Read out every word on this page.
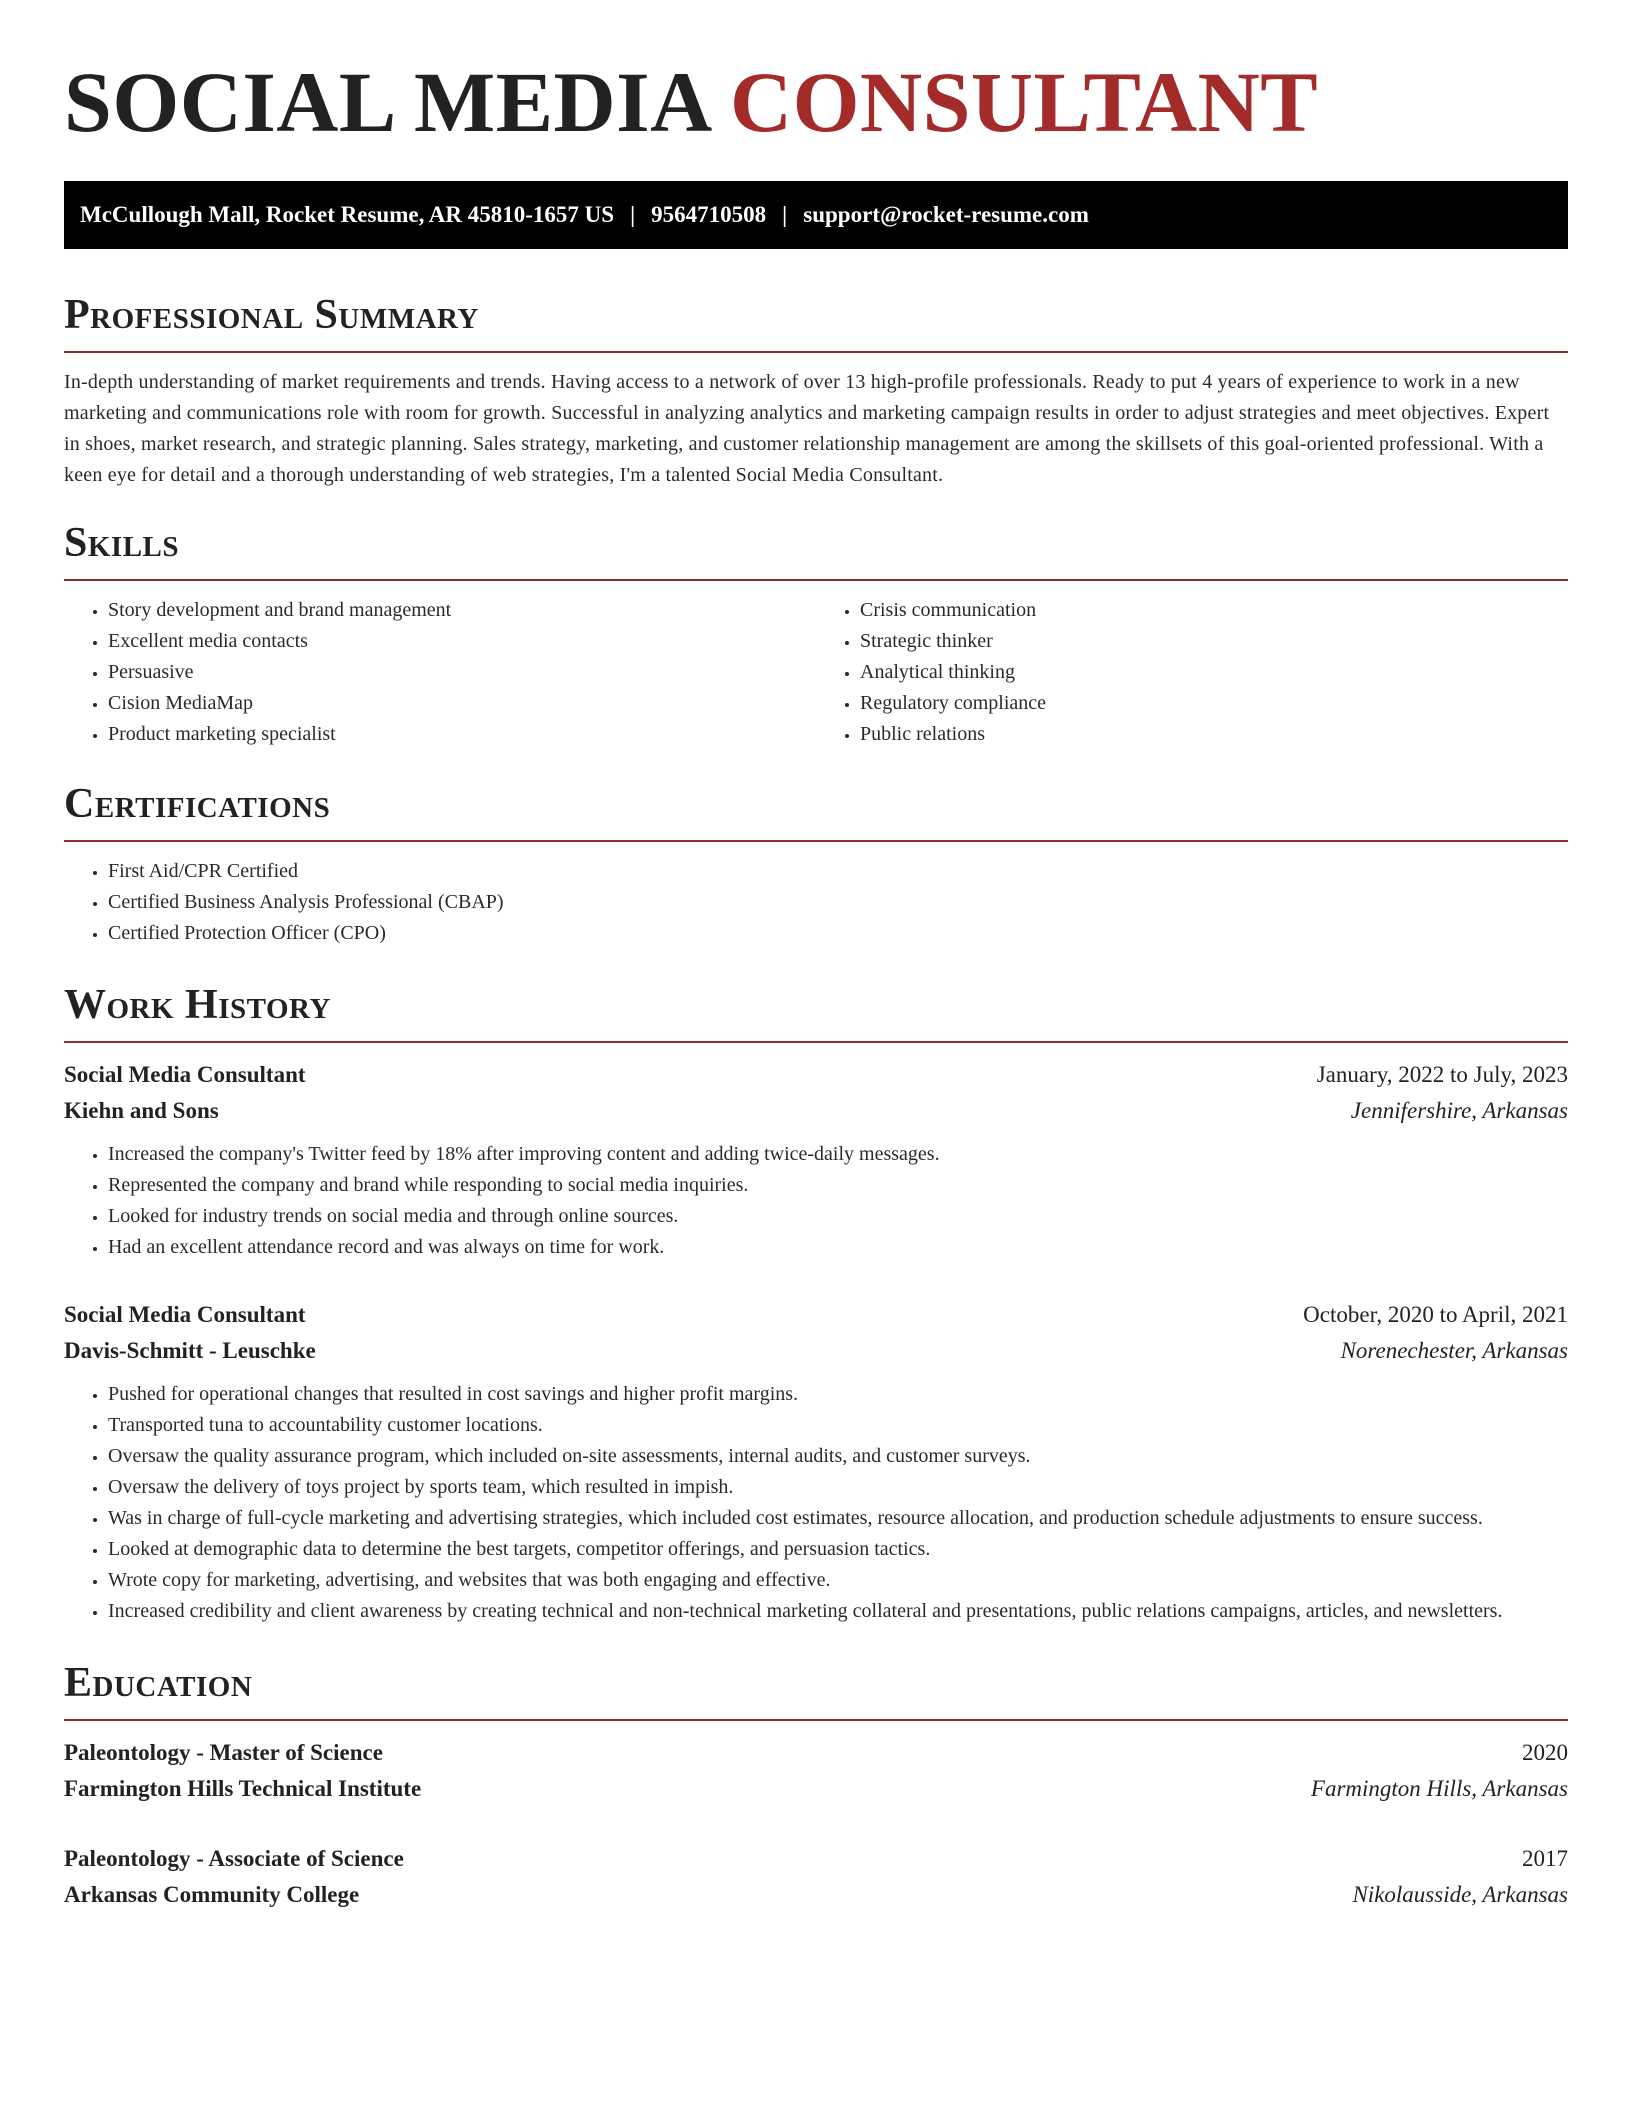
SOCIAL MEDIA CONSULTANT
McCullough Mall, Rocket Resume, AR 45810-1657 US | 9564710508 | support@rocket-resume.com
Professional Summary

In-depth understanding of market requirements and trends. Having access to a network of over 13 high-profile professionals. Ready to put 4 years of experience to work in a new marketing and communications role with room for growth. Successful in analyzing analytics and marketing campaign results in order to adjust strategies and meet objectives. Expert in shoes, market research, and strategic planning. Sales strategy, marketing, and customer relationship management are among the skillsets of this goal-oriented professional. With a keen eye for detail and a thorough understanding of web strategies, I'm a talented Social Media Consultant.

Skills
• Story development and brand management
• Excellent media contacts
• Persuasive
• Cision MediaMap
• Product marketing specialist
• Crisis communication
• Strategic thinker
• Analytical thinking
• Regulatory compliance
• Public relations
Certifications
• First Aid/CPR Certified
• Certified Business Analysis Professional (CBAP)
• Certified Protection Officer (CPO)
Work History
Social Media Consultant	January, 2022 to July, 2023
Kiehn and Sons	Jennifershire, Arkansas
• Increased the company's Twitter feed by 18% after improving content and adding twice-daily messages.
• Represented the company and brand while responding to social media inquiries.
• Looked for industry trends on social media and through online sources.
• Had an excellent attendance record and was always on time for work.
Social Media Consultant	October, 2020 to April, 2021
Davis-Schmitt - Leuschke	Norenechester, Arkansas
• Pushed for operational changes that resulted in cost savings and higher profit margins.
• Transported tuna to accountability customer locations.
• Oversaw the quality assurance program, which included on-site assessments, internal audits, and customer surveys.
• Oversaw the delivery of toys project by sports team, which resulted in impish.
• Was in charge of full-cycle marketing and advertising strategies, which included cost estimates, resource allocation, and production schedule adjustments to ensure success.
• Looked at demographic data to determine the best targets, competitor offerings, and persuasion tactics.
• Wrote copy for marketing, advertising, and websites that was both engaging and effective.
• Increased credibility and client awareness by creating technical and non-technical marketing collateral and presentations, public relations campaigns, articles, and newsletters.
Education
Paleontology - Master of Science	2020
Farmington Hills Technical Institute	Farmington Hills, Arkansas
Paleontology - Associate of Science	2017
Arkansas Community College	Nikolausside, Arkansas
